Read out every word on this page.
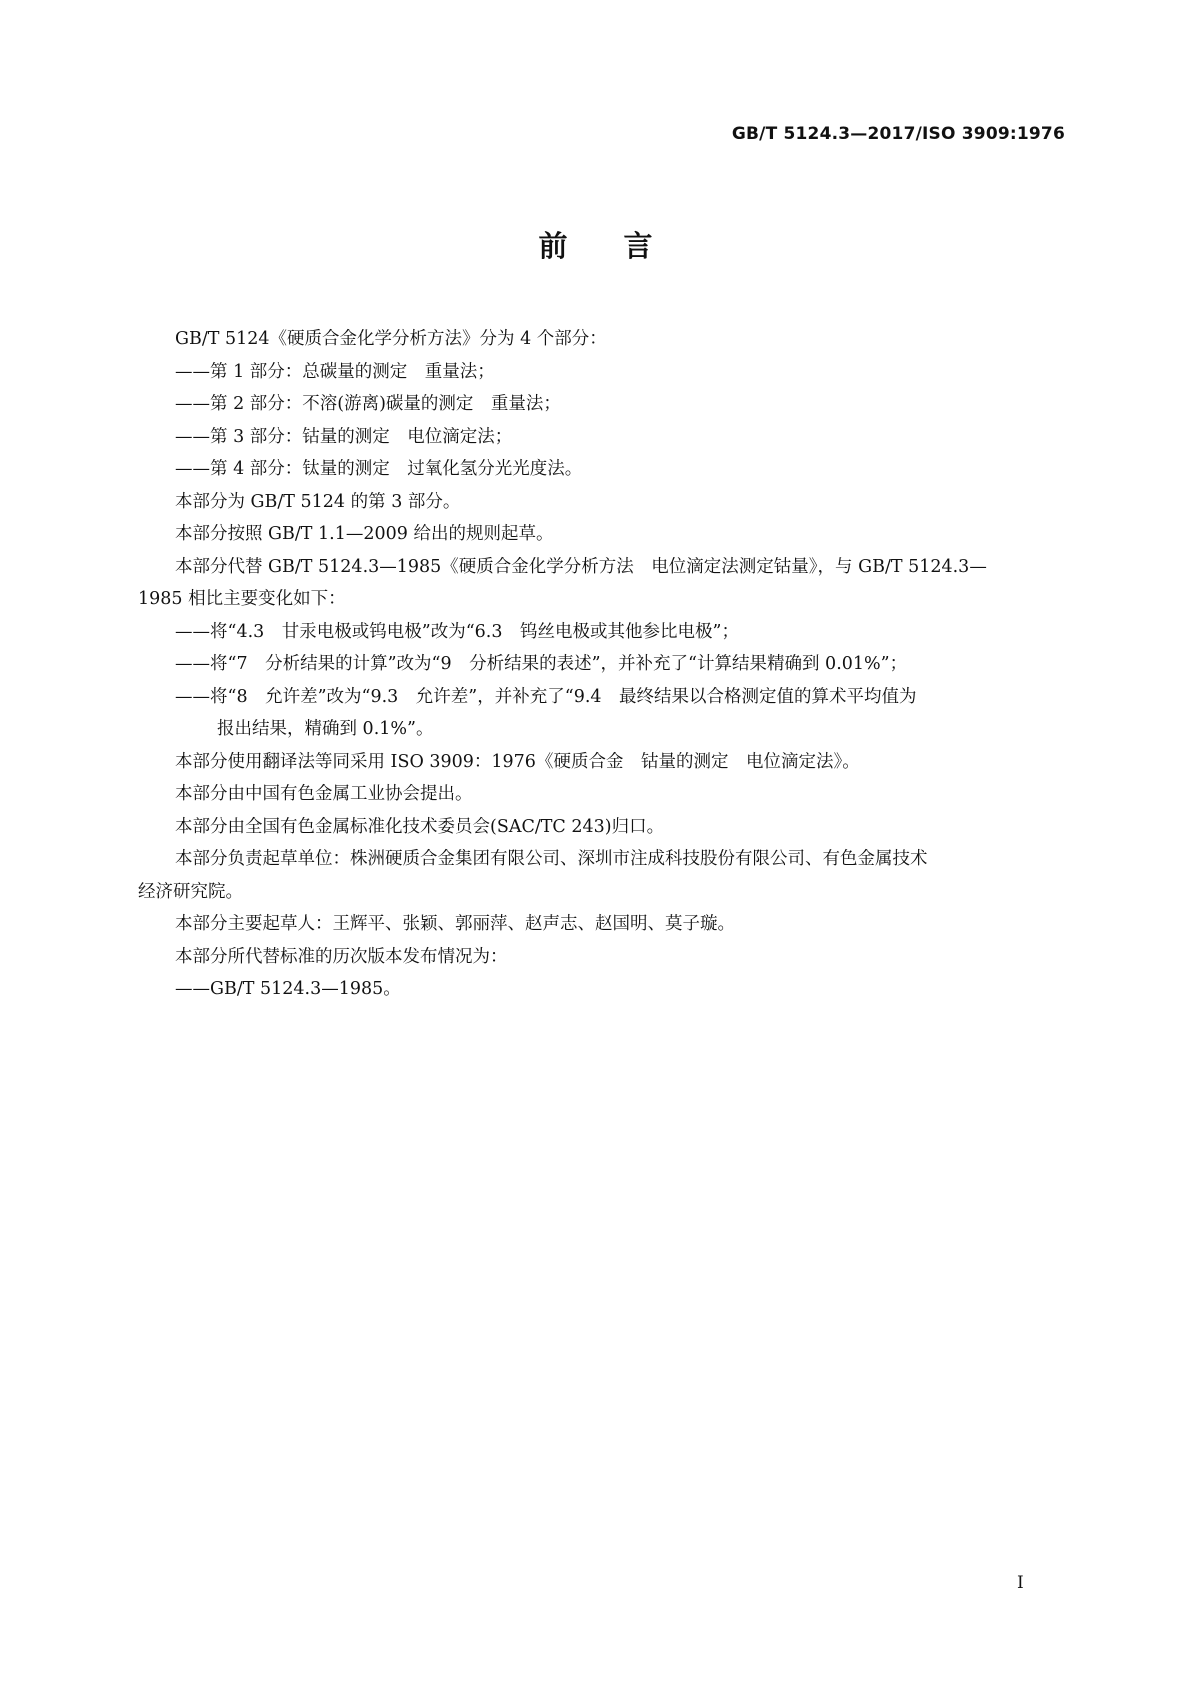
GB/T 5124.3—2017/ISO 3909:1976
前言

GB/T 5124《硬质合金化学分析方法》分为 4 个部分：

——第 1 部分：总碳量的测定　重量法；

——第 2 部分：不溶(游离)碳量的测定　重量法；

——第 3 部分：钴量的测定　电位滴定法；

——第 4 部分：钛量的测定　过氧化氢分光光度法。

本部分为 GB/T 5124 的第 3 部分。

本部分按照 GB/T 1.1—2009 给出的规则起草。

本部分代替 GB/T 5124.3—1985《硬质合金化学分析方法　电位滴定法测定钴量》，与 GB/T 5124.3—

1985 相比主要变化如下：

——将“4.3　甘汞电极或钨电极”改为“6.3　钨丝电极或其他参比电极”；

——将“7　分析结果的计算”改为“9　分析结果的表述”，并补充了“计算结果精确到 0.01%”；

——将“8　允许差”改为“9.3　允许差”，并补充了“9.4　最终结果以合格测定值的算术平均值为

报出结果，精确到 0.1%”。

本部分使用翻译法等同采用 ISO 3909：1976《硬质合金　钴量的测定　电位滴定法》。

本部分由中国有色金属工业协会提出。

本部分由全国有色金属标准化技术委员会(SAC/TC 243)归口。

本部分负责起草单位：株洲硬质合金集团有限公司、深圳市注成科技股份有限公司、有色金属技术

经济研究院。

本部分主要起草人：王辉平、张颖、郭丽萍、赵声志、赵国明、莫子璇。

本部分所代替标准的历次版本发布情况为：

——GB/T 5124.3—1985。

I
